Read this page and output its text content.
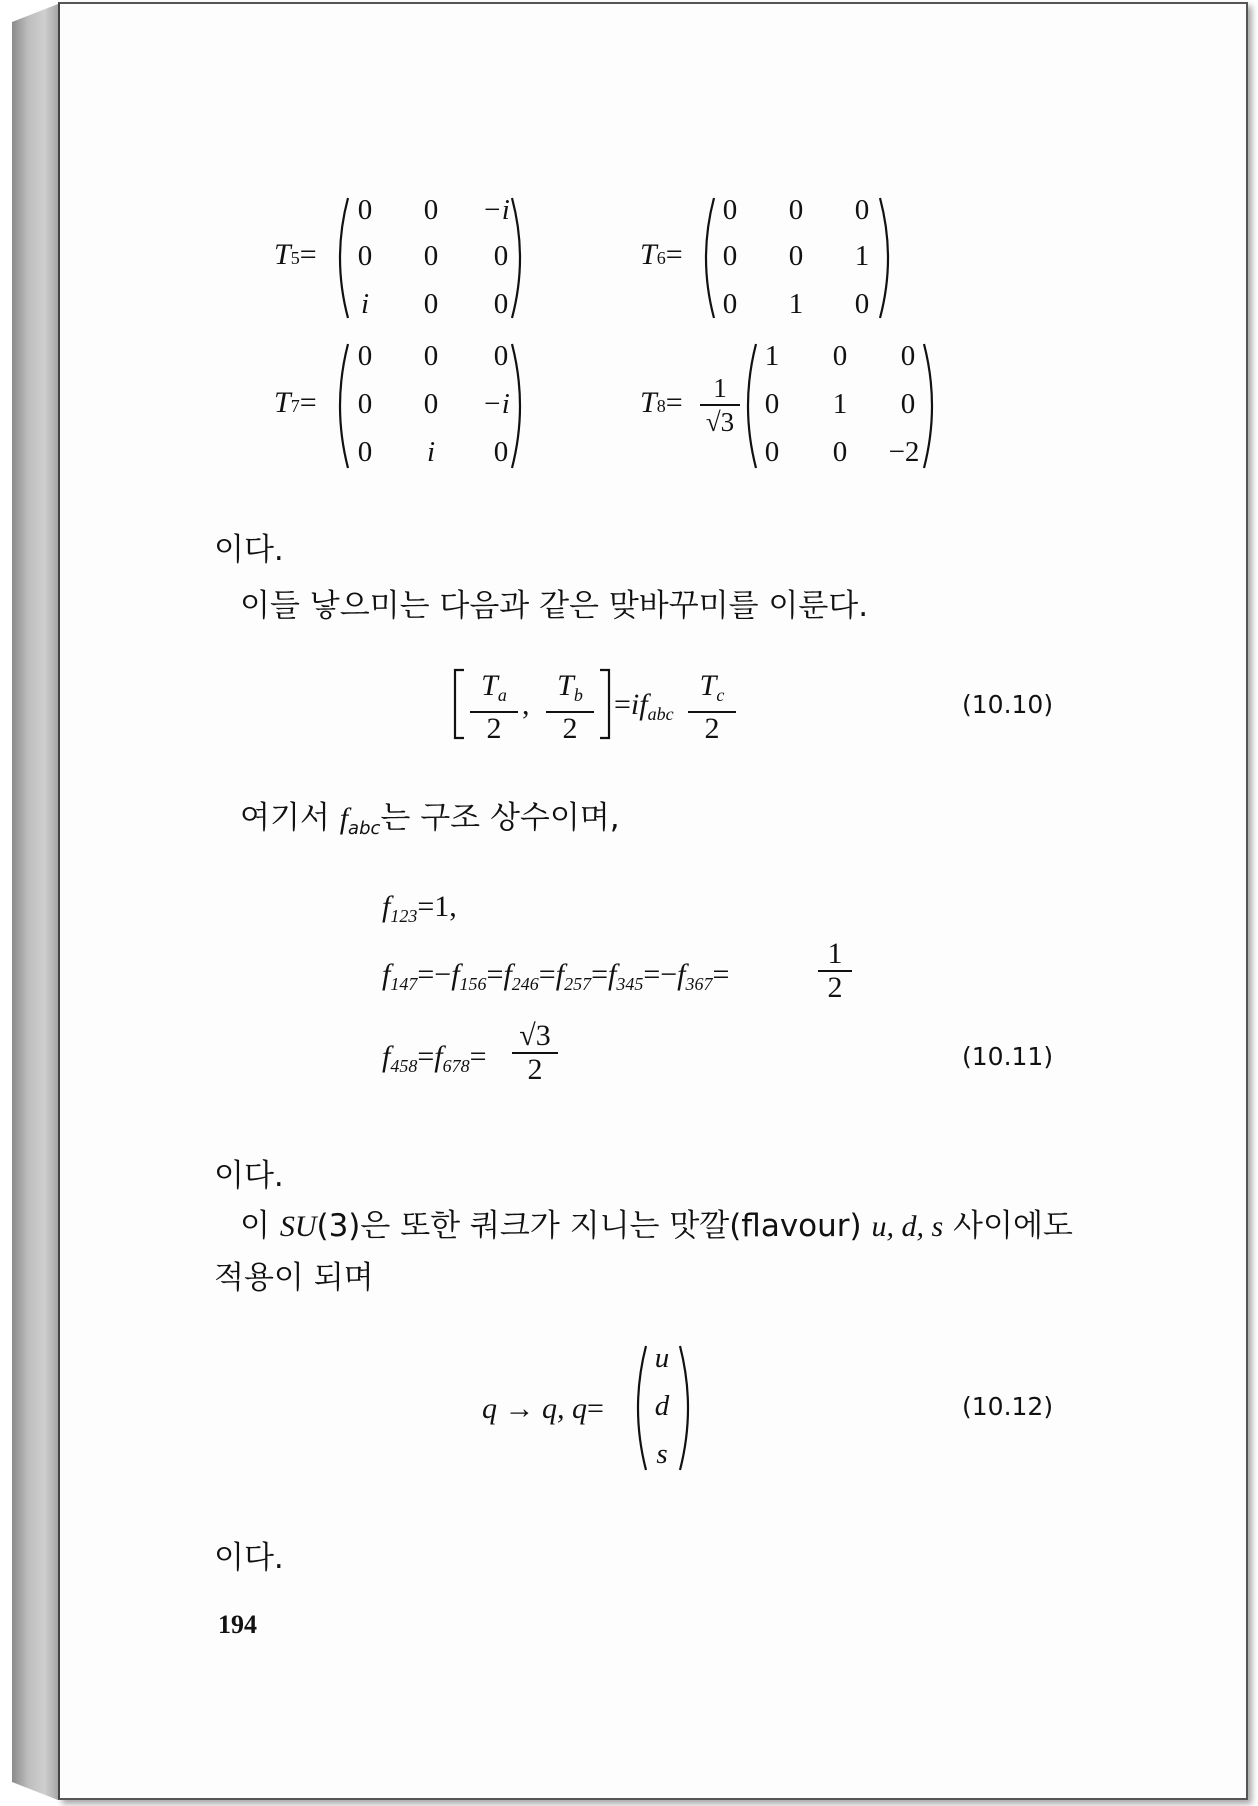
T5=
0	0	−i
0	0	0
i	0	0
T6=
0	0	0
0	0	1
0	1	0
T7=
0	0	0
0	0	−i
0	i	0
T8=	1
√3
1	0	0
0	1	0
0	0	−2
이다.
이들 낳으미는 다음과 같은 맞바꾸미를 이룬다.
$T_a$
2
,
$T_b$
2
$=if_{abc}$
$T_c$
2
(10.10)
여기서 $f_{abc}$는 구조 상수이며,
$f_{123}=1$,
$f_{147}=-f_{156}=f_{246}=f_{257}=f_{345}=-f_{367}=$
1
2
$f_{458}=f_{678}=$
√3
2	(10.11)
이다.
이 SU(3)은 또한 쿼크가 지니는 맛깔(flavour) u, d, s 사이에도
적용이 되며
q → q, q=
u
d
s
(10.12)
이다.
194
